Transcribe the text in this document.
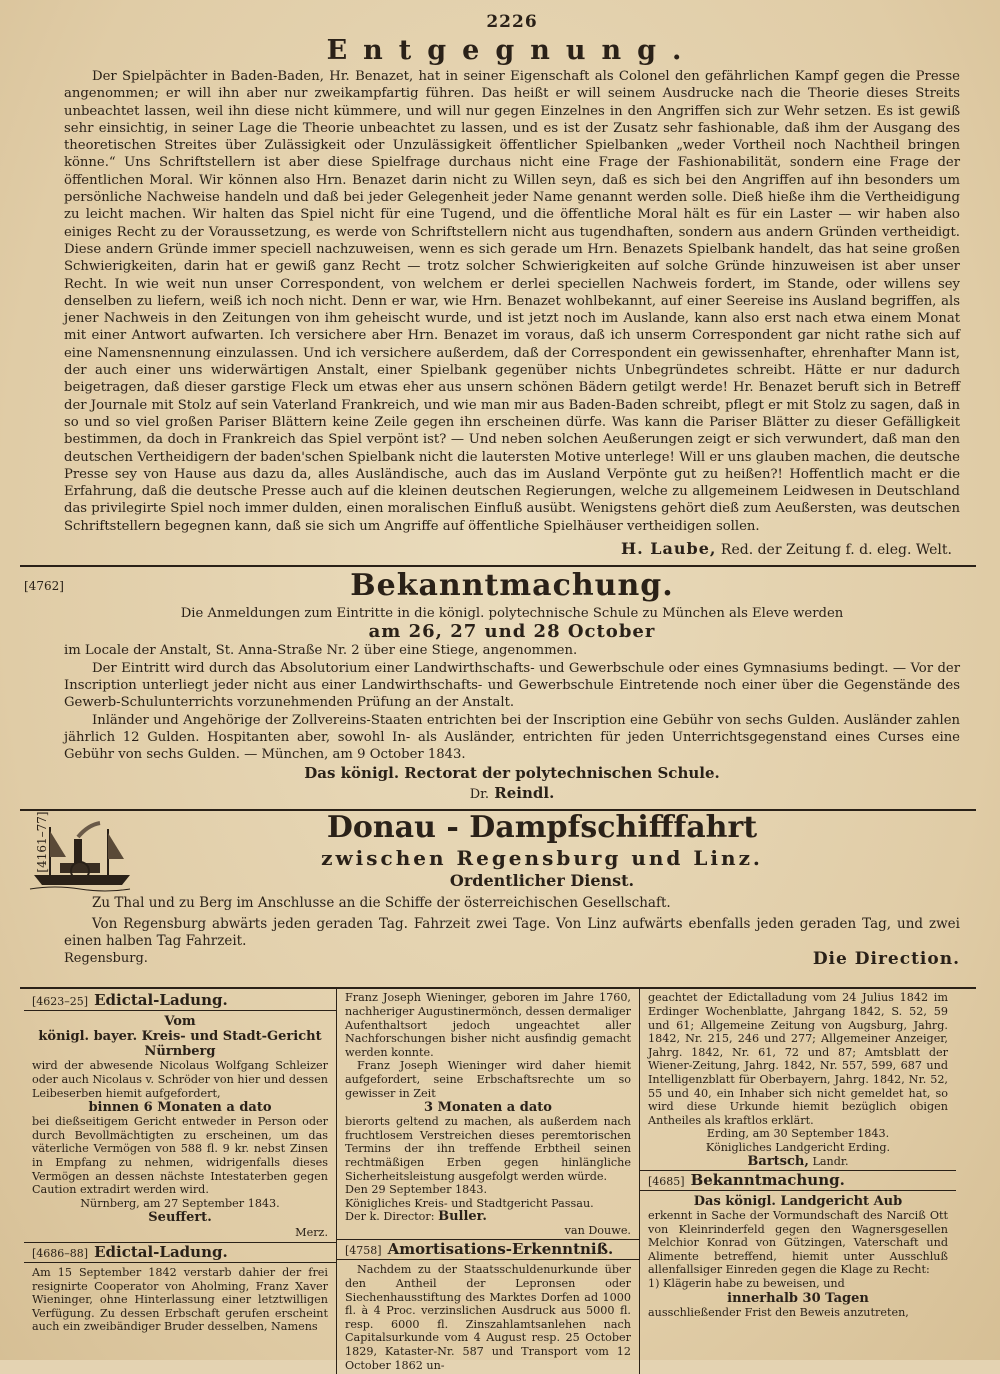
2226
Entgegnung.

Der Spielpächter in Baden-Baden, Hr. Benazet, hat in seiner Eigenschaft als Colonel den gefährlichen Kampf gegen die Presse angenommen; er will ihn aber nur zweikampfartig führen. Das heißt er will seinem Ausdrucke nach die Theorie dieses Streits unbeachtet lassen, weil ihn diese nicht kümmere, und will nur gegen Einzelnes in den Angriffen sich zur Wehr setzen. Es ist gewiß sehr einsichtig, in seiner Lage die Theorie unbeachtet zu lassen, und es ist der Zusatz sehr fashionable, daß ihm der Ausgang des theoretischen Streites über Zulässigkeit oder Unzulässigkeit öffentlicher Spielbanken „weder Vortheil noch Nachtheil bringen könne.“ Uns Schriftstellern ist aber diese Spielfrage durchaus nicht eine Frage der Fashionabilität, sondern eine Frage der öffentlichen Moral. Wir können also Hrn. Benazet darin nicht zu Willen seyn, daß es sich bei den Angriffen auf ihn besonders um persönliche Nachweise handeln und daß bei jeder Gelegenheit jeder Name genannt werden solle. Dieß hieße ihm die Vertheidigung zu leicht machen. Wir halten das Spiel nicht für eine Tugend, und die öffentliche Moral hält es für ein Laster — wir haben also einiges Recht zu der Voraussetzung, es werde von Schriftstellern nicht aus tugendhaften, sondern aus andern Gründen vertheidigt. Diese andern Gründe immer speciell nachzuweisen, wenn es sich gerade um Hrn. Benazets Spielbank handelt, das hat seine großen Schwierigkeiten, darin hat er gewiß ganz Recht — trotz solcher Schwierigkeiten auf solche Gründe hinzuweisen ist aber unser Recht. In wie weit nun unser Correspondent, von welchem er derlei speciellen Nachweis fordert, im Stande, oder willens sey denselben zu liefern, weiß ich noch nicht. Denn er war, wie Hrn. Benazet wohlbekannt, auf einer Seereise ins Ausland begriffen, als jener Nachweis in den Zeitungen von ihm geheischt wurde, und ist jetzt noch im Auslande, kann also erst nach etwa einem Monat mit einer Antwort aufwarten. Ich versichere aber Hrn. Benazet im voraus, daß ich unserm Correspondent gar nicht rathe sich auf eine Namensnennung einzulassen. Und ich versichere außerdem, daß der Correspondent ein gewissenhafter, ehrenhafter Mann ist, der auch einer uns widerwärtigen Anstalt, einer Spielbank gegenüber nichts Unbegründetes schreibt. Hätte er nur dadurch beigetragen, daß dieser garstige Fleck um etwas eher aus unsern schönen Bädern getilgt werde! Hr. Benazet beruft sich in Betreff der Journale mit Stolz auf sein Vaterland Frankreich, und wie man mir aus Baden-Baden schreibt, pflegt er mit Stolz zu sagen, daß in so und so viel großen Pariser Blättern keine Zeile gegen ihn erscheinen dürfe. Was kann die Pariser Blätter zu dieser Gefälligkeit bestimmen, da doch in Frankreich das Spiel verpönt ist? — Und neben solchen Aeußerungen zeigt er sich verwundert, daß man den deutschen Vertheidigern der baden'schen Spielbank nicht die lautersten Motive unterlege! Will er uns glauben machen, die deutsche Presse sey von Hause aus dazu da, alles Ausländische, auch das im Ausland Verpönte gut zu heißen?! Hoffentlich macht er die Erfahrung, daß die deutsche Presse auch auf die kleinen deutschen Regierungen, welche zu allgemeinem Leidwesen in Deutschland das privilegirte Spiel noch immer dulden, einen moralischen Einfluß ausübt. Wenigstens gehört dieß zum Aeußersten, was deutschen Schriftstellern begegnen kann, daß sie sich um Angriffe auf öffentliche Spielhäuser vertheidigen sollen.

H. Laube, Red. der Zeitung f. d. eleg. Welt.
[4762]	Bekanntmachung.

Die Anmeldungen zum Eintritte in die königl. polytechnische Schule zu München als Eleve werden

am 26, 27 und 28 October

im Locale der Anstalt, St. Anna-Straße Nr. 2 über eine Stiege, angenommen.

Der Eintritt wird durch das Absolutorium einer Landwirthschafts- und Gewerbschule oder eines Gymnasiums bedingt. — Vor der Inscription unterliegt jeder nicht aus einer Landwirthschafts- und Gewerbschule Eintretende noch einer über die Gegenstände des Gewerb-Schulunterrichts vorzunehmenden Prüfung an der Anstalt.

Inländer und Angehörige der Zollvereins-Staaten entrichten bei der Inscription eine Gebühr von sechs Gulden. Ausländer zahlen jährlich 12 Gulden. Hospitanten aber, sowohl In- als Ausländer, entrichten für jeden Unterrichtsgegenstand eines Curses eine Gebühr von sechs Gulden. — München, am 9 October 1843.

Das königl. Rectorat der polytechnischen Schule.
Dr. Reindl.
[4161–77]	Donau - Dampfschifffahrt
zwischen Regensburg und Linz.
Ordentlicher Dienst.

Zu Thal und zu Berg im Anschlusse an die Schiffe der österreichischen Gesellschaft.

Von Regensburg abwärts jeden geraden Tag. Fahrzeit zwei Tage. Von Linz aufwärts ebenfalls jeden geraden Tag, und zwei einen halben Tag Fahrzeit.

Regensburg.	Die Direction.
[4623–25] Edictal-Ladung.
Vom
königl. bayer. Kreis- und Stadt-Gericht Nürnberg

wird der abwesende Nicolaus Wolfgang Schleizer oder auch Nicolaus v. Schröder von hier und dessen Leibeserben hiemit aufgefordert,

binnen 6 Monaten a dato

bei dießseitigem Gericht entweder in Person oder durch Bevollmächtigten zu erscheinen, um das väterliche Vermögen von 588 fl. 9 kr. nebst Zinsen in Empfang zu nehmen, widrigenfalls dieses Vermögen an dessen nächste Intestaterben gegen Caution extradirt werden wird.

Nürnberg, am 27 September 1843.
Seuffert.
Merz.
[4686–88] Edictal-Ladung.

Am 15 September 1842 verstarb dahier der frei resignirte Cooperator von Aholming, Franz Xaver Wieninger, ohne Hinterlassung einer letztwilligen Verfügung. Zu dessen Erbschaft gerufen erscheint auch ein zweibändiger Bruder desselben, Namens

Franz Joseph Wieninger, geboren im Jahre 1760, nachheriger Augustinermönch, dessen dermaliger Aufenthaltsort jedoch ungeachtet aller Nachforschungen bisher nicht ausfindig gemacht werden konnte.

Franz Joseph Wieninger wird daher hiemit aufgefordert, seine Erbschaftsrechte um so gewisser in Zeit

3 Monaten a dato

bierorts geltend zu machen, als außerdem nach fruchtlosem Verstreichen dieses peremtorischen Termins der ihn treffende Erbtheil seinen rechtmäßigen Erben gegen hinlängliche Sicherheitsleistung ausgefolgt werden würde.

Den 29 September 1843.
Königliches Kreis- und Stadtgericht Passau.
Der k. Director: Buller.
van Douwe.
[4758] Amortisations-Erkenntniß.

Nachdem zu der Staatsschuldenurkunde über den Antheil der Lepronsen oder Siechenhausstiftung des Marktes Dorfen ad 1000 fl. à 4 Proc. verzinslichen Ausdruck aus 5000 fl. resp. 6000 fl. Zinszahlamtsanlehen nach Capitalsurkunde vom 4 August resp. 25 October 1829, Kataster-Nr. 587 und Transport vom 12 October 1862 un-

geachtet der Edictalladung vom 24 Julius 1842 im Erdinger Wochenblatte, Jahrgang 1842, S. 52, 59 und 61; Allgemeine Zeitung von Augsburg, Jahrg. 1842, Nr. 215, 246 und 277; Allgemeiner Anzeiger, Jahrg. 1842, Nr. 61, 72 und 87; Amtsblatt der Wiener-Zeitung, Jahrg. 1842, Nr. 557, 599, 687 und Intelligenzblatt für Oberbayern, Jahrg. 1842, Nr. 52, 55 und 40, ein Inhaber sich nicht gemeldet hat, so wird diese Urkunde hiemit bezüglich obigen Antheiles als kraftlos erklärt.

Erding, am 30 September 1843.
Königliches Landgericht Erding.
Bartsch, Landr.
[4685] Bekanntmachung.
Das königl. Landgericht Aub

erkennt in Sache der Vormundschaft des Narciß Ott von Kleinrinderfeld gegen den Wagnersgesellen Melchior Konrad von Gützingen, Vaterschaft und Alimente betreffend, hiemit unter Ausschluß allenfallsiger Einreden gegen die Klage zu Recht:

1) Klägerin habe zu beweisen, und
innerhalb 30 Tagen
ausschließender Frist den Beweis anzutreten,
